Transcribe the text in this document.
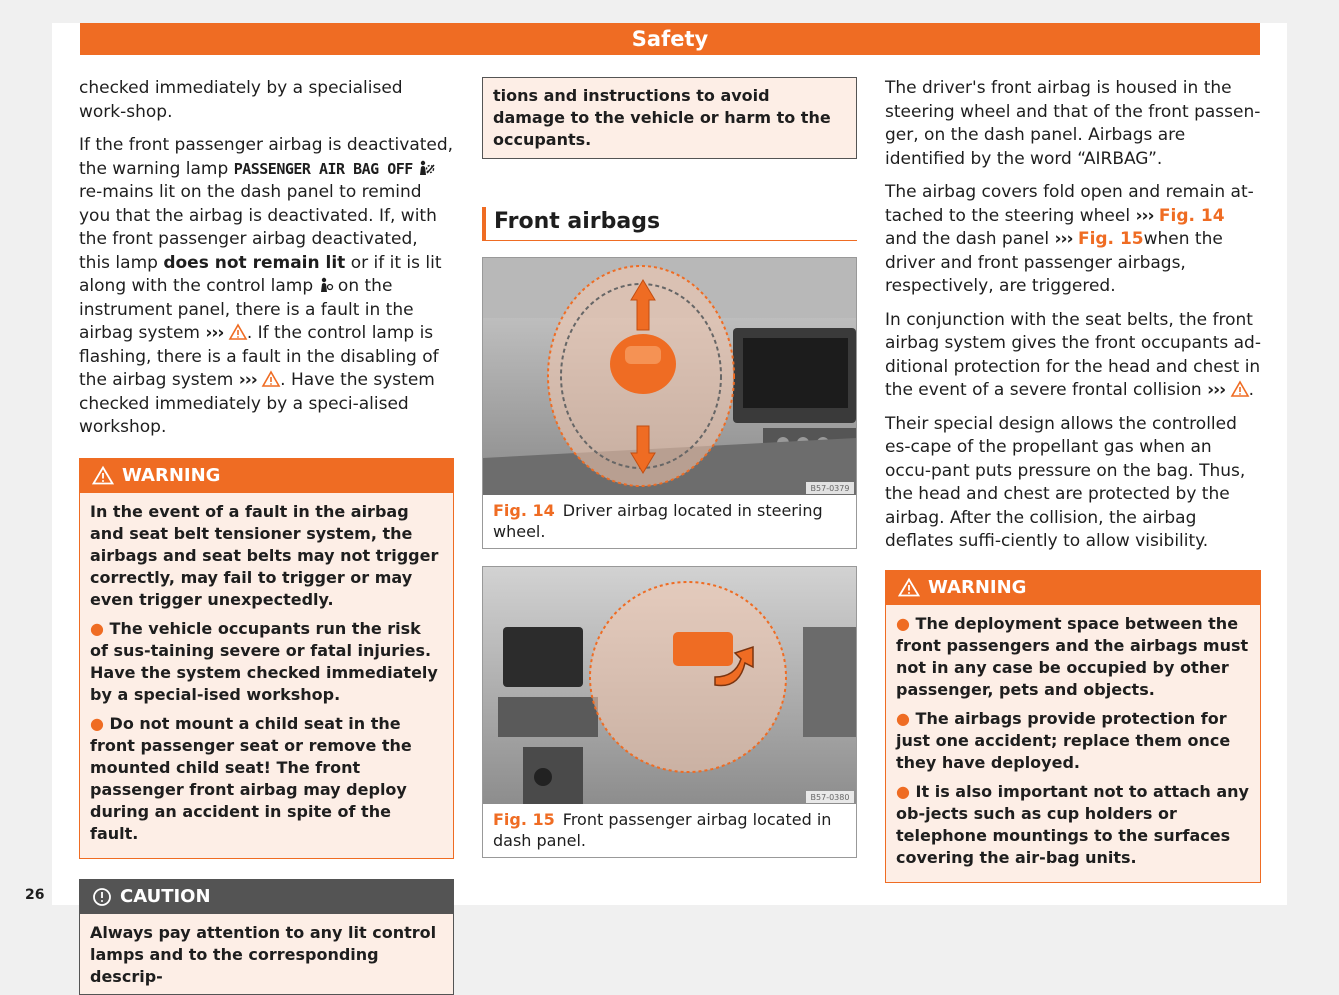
Safety

checked immediately by a specialised work-shop.

If the front passenger airbag is deactivated, the warning lamp PASSENGER AIR BAG OFF  re-mains lit on the dash panel to remind you that the airbag is deactivated. If, with the front passenger airbag deactivated, this lamp does not remain lit or if it is lit along with the control lamp  on the instrument panel, there is a fault in the airbag system ››› . If the control lamp is flashing, there is a fault in the disabling of the airbag system ››› . Have the system checked immediately by a speci-alised workshop.

WARNING
In the event of a fault in the airbag and seat belt tensioner system, the airbags and seat belts may not trigger correctly, may fail to trigger or may even trigger unexpectedly.
● The vehicle occupants run the risk of sus-taining severe or fatal injuries. Have the system checked immediately by a special-ised workshop.
● Do not mount a child seat in the front passenger seat or remove the mounted child seat! The front passenger front airbag may deploy during an accident in spite of the fault.
CAUTION
Always pay attention to any lit control lamps and to the corresponding descrip-
tions and instructions to avoid damage to the vehicle or harm to the occupants.
Front airbags
B57-0379
Fig. 14 Driver airbag located in steering wheel.
B57-0380
Fig. 15 Front passenger airbag located in dash panel.

The driver's front airbag is housed in the steering wheel and that of the front passen-ger, on the dash panel. Airbags are identified by the word “AIRBAG”.

The airbag covers fold open and remain at-tached to the steering wheel ››› Fig. 14 and the dash panel ››› Fig. 15when the driver and front passenger airbags, respectively, are triggered.

In conjunction with the seat belts, the front airbag system gives the front occupants ad-ditional protection for the head and chest in the event of a severe frontal collision ››› .

Their special design allows the controlled es-cape of the propellant gas when an occu-pant puts pressure on the bag. Thus, the head and chest are protected by the airbag. After the collision, the airbag deflates suffi-ciently to allow visibility.

WARNING
● The deployment space between the front passengers and the airbags must not in any case be occupied by other passenger, pets and objects.
● The airbags provide protection for just one accident; replace them once they have deployed.
● It is also important not to attach any ob-jects such as cup holders or telephone mountings to the surfaces covering the air-bag units.
26
